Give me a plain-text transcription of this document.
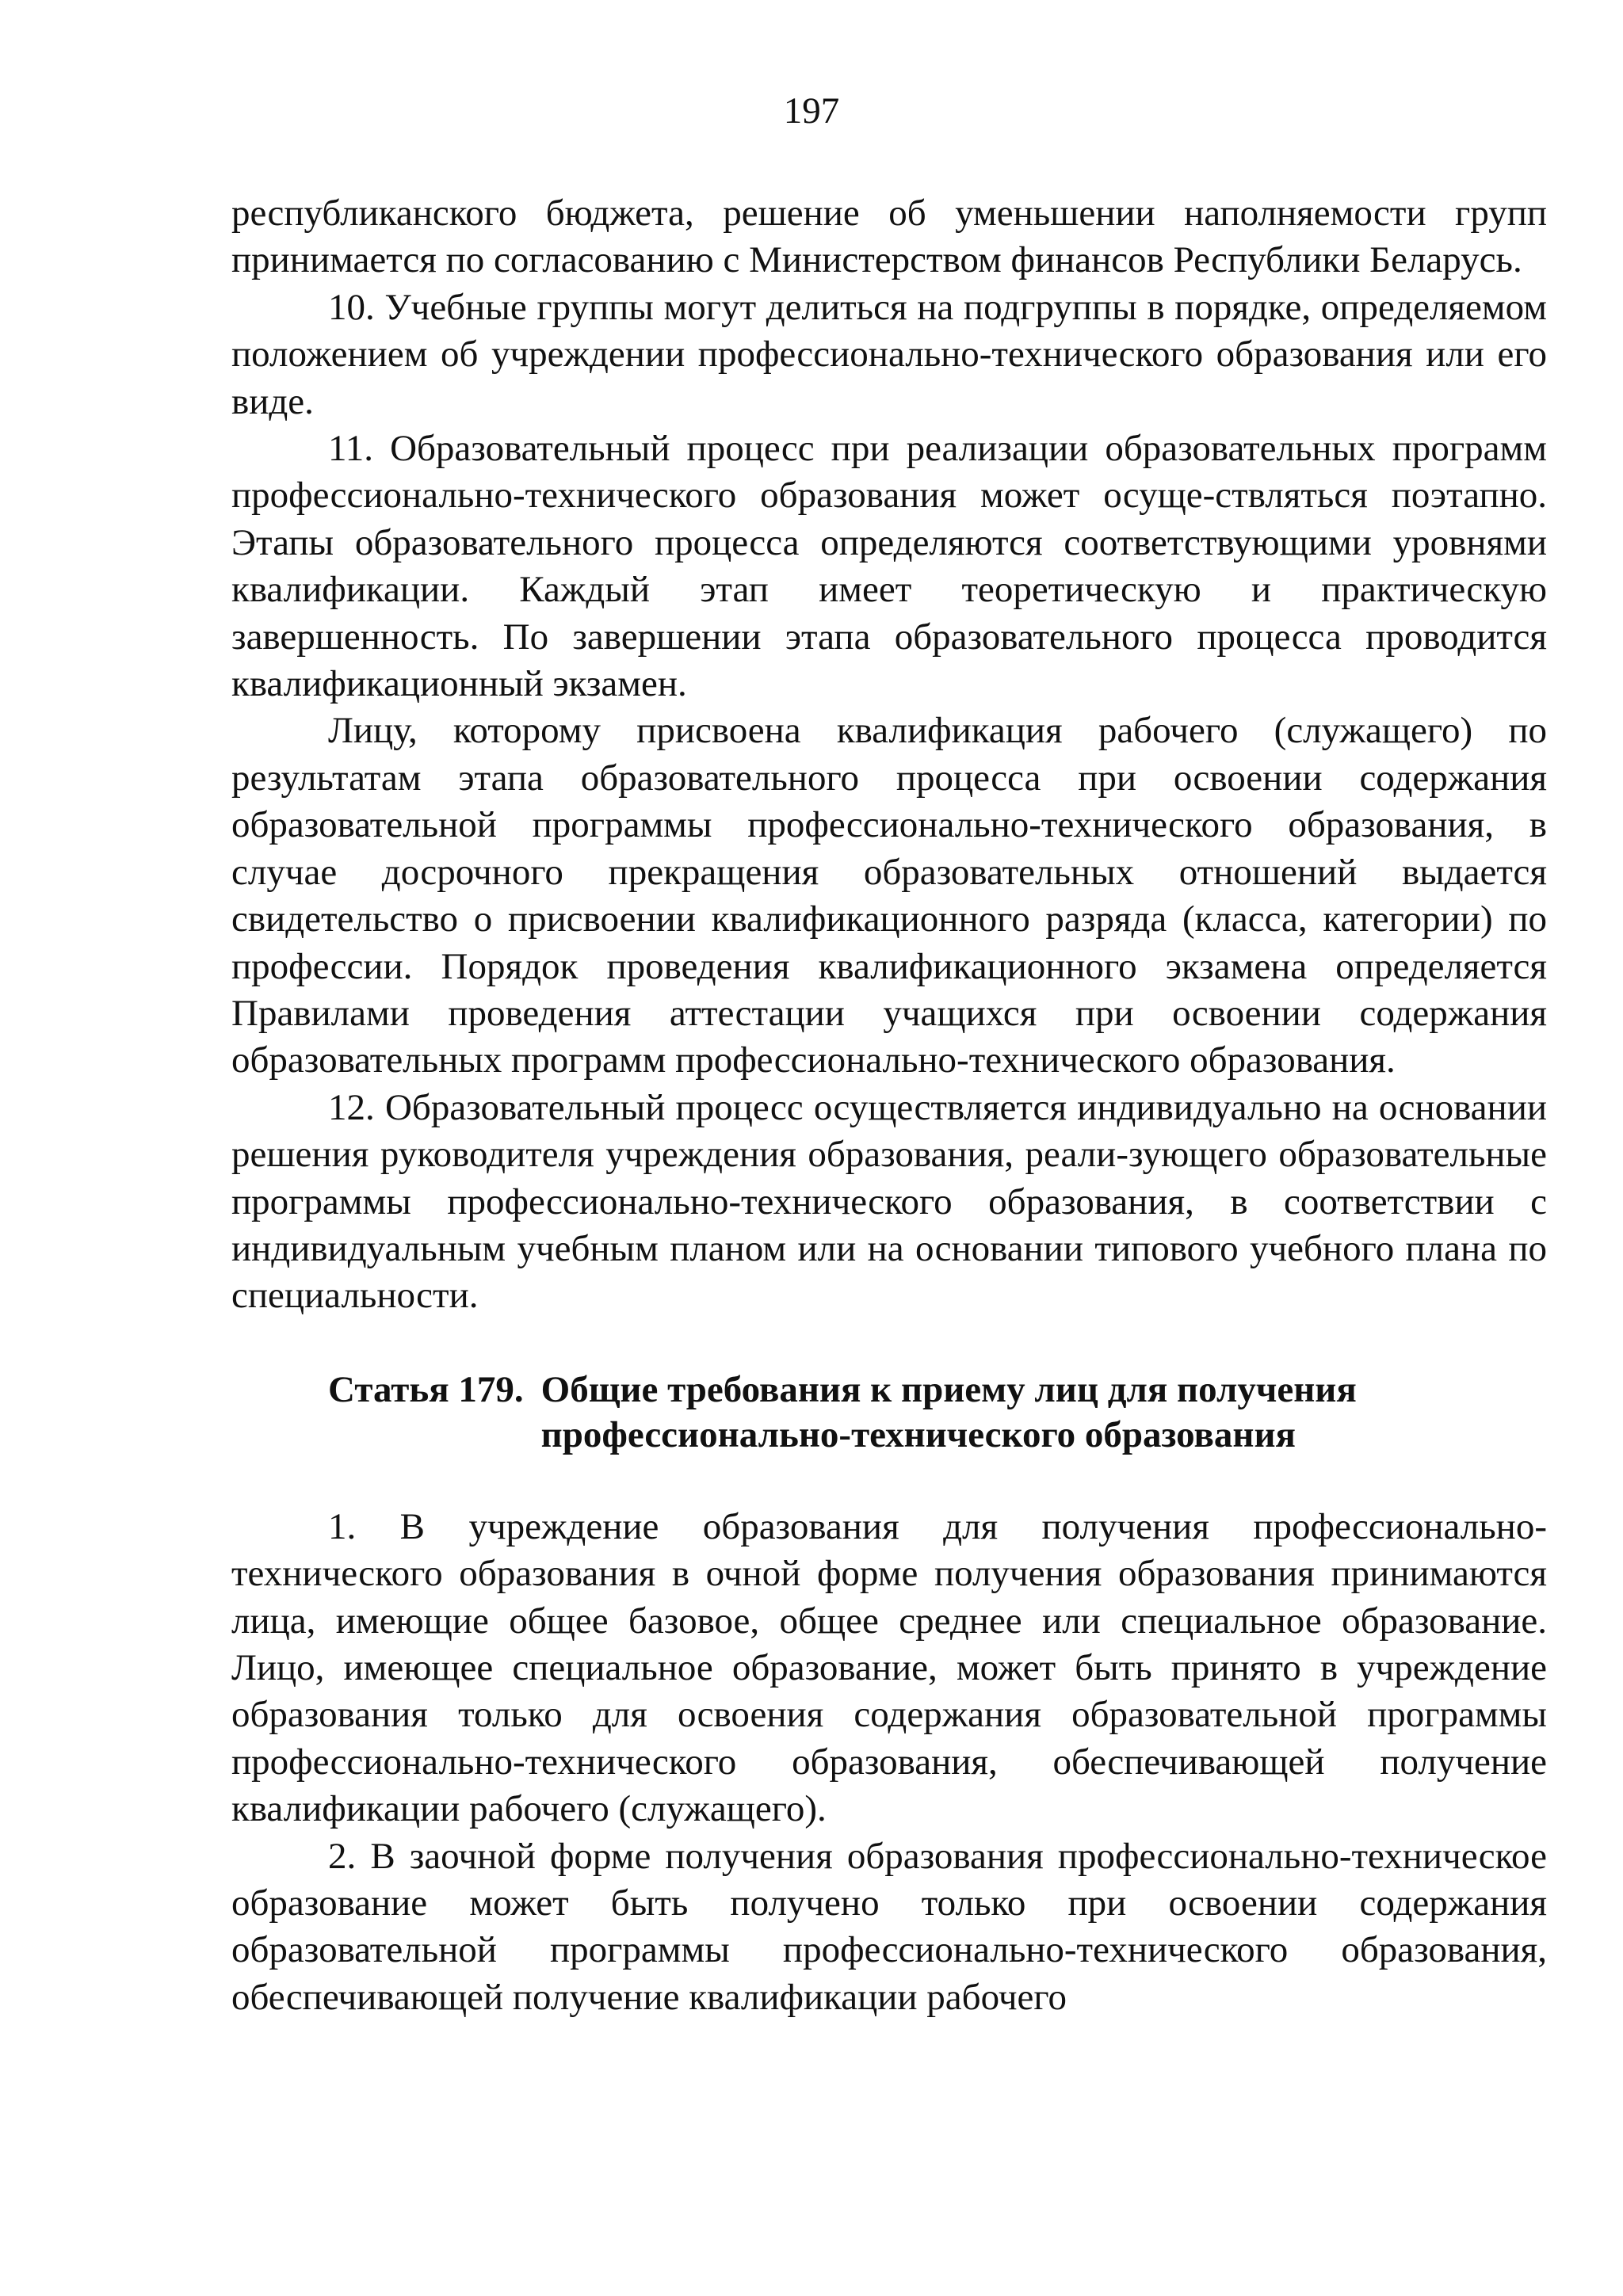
197

республиканского бюджета, решение об уменьшении наполняемости групп принимается по согласованию с Министерством финансов Республики Беларусь.

10. Учебные группы могут делиться на подгруппы в порядке, определяемом положением об учреждении профессионально-технического образования или его виде.

11. Образовательный процесс при реализации образовательных программ профессионально-технического образования может осуще-ствляться поэтапно. Этапы образовательного процесса определяются соответствующими уровнями квалификации. Каждый этап имеет теоретическую и практическую завершенность. По завершении этапа образовательного процесса проводится квалификационный экзамен.

Лицу, которому присвоена квалификация рабочего (служащего) по результатам этапа образовательного процесса при освоении содержания образовательной программы профессионально-технического образования, в случае досрочного прекращения образовательных отношений выдается свидетельство о присвоении квалификационного разряда (класса, категории) по профессии. Порядок проведения квалификационного экзамена определяется Правилами проведения аттестации учащихся при освоении содержания образовательных программ профессионально-технического образования.

12. Образовательный процесс осуществляется индивидуально на основании решения руководителя учреждения образования, реали-зующего образовательные программы профессионально-технического образования, в соответствии с индивидуальным учебным планом или на основании типового учебного плана по специальности.

Статья 179. Общие требования к приему лиц для получения профессионально-технического образования

1. В учреждение образования для получения профессионально-технического образования в очной форме получения образования принимаются лица, имеющие общее базовое, общее среднее или специальное образование. Лицо, имеющее специальное образование, может быть принято в учреждение образования только для освоения содержания образовательной программы профессионально-технического образования, обеспечивающей получение квалификации рабочего (служащего).

2. В заочной форме получения образования профессионально-техническое образование может быть получено только при освоении содержания образовательной программы профессионально-технического образования, обеспечивающей получение квалификации рабочего
